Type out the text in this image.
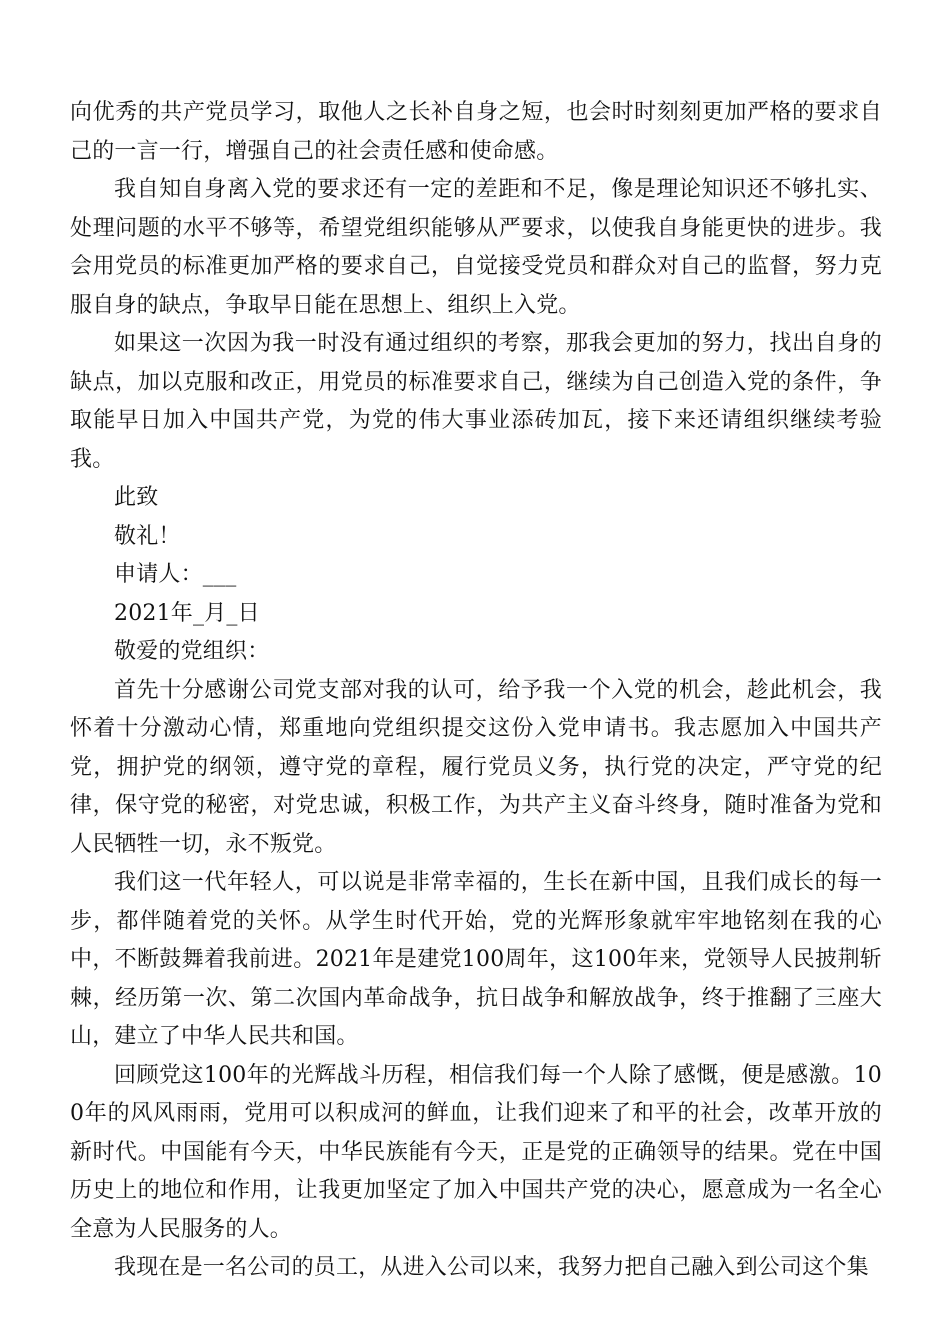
向优秀的共产党员学习，取他人之长补自身之短，也会时时刻刻更加严格的要求自己的一言一行，增强自己的社会责任感和使命感。

我自知自身离入党的要求还有一定的差距和不足，像是理论知识还不够扎实、处理问题的水平不够等，希望党组织能够从严要求，以使我自身能更快的进步。我会用党员的标准更加严格的要求自己，自觉接受党员和群众对自己的监督，努力克服自身的缺点，争取早日能在思想上、组织上入党。

如果这一次因为我一时没有通过组织的考察，那我会更加的努力，找出自身的缺点，加以克服和改正，用党员的标准要求自己，继续为自己创造入党的条件，争取能早日加入中国共产党，为党的伟大事业添砖加瓦，接下来还请组织继续考验我。

此致
敬礼！
申请人：___
2021年_月_日
敬爱的党组织：

首先十分感谢公司党支部对我的认可，给予我一个入党的机会，趁此机会，我怀着十分激动心情，郑重地向党组织提交这份入党申请书。我志愿加入中国共产党，拥护党的纲领，遵守党的章程，履行党员义务，执行党的决定，严守党的纪律，保守党的秘密，对党忠诚，积极工作，为共产主义奋斗终身，随时准备为党和人民牺牲一切，永不叛党。

我们这一代年轻人，可以说是非常幸福的，生长在新中国，且我们成长的每一步，都伴随着党的关怀。从学生时代开始，党的光辉形象就牢牢地铭刻在我的心中，不断鼓舞着我前进。2021年是建党100周年，这100年来，党领导人民披荆斩棘，经历第一次、第二次国内革命战争，抗日战争和解放战争，终于推翻了三座大山，建立了中华人民共和国。

回顾党这100年的光辉战斗历程，相信我们每一个人除了感慨，便是感激。100年的风风雨雨，党用可以积成河的鲜血，让我们迎来了和平的社会，改革开放的新时代。中国能有今天，中华民族能有今天，正是党的正确领导的结果。党在中国历史上的地位和作用，让我更加坚定了加入中国共产党的决心，愿意成为一名全心全意为人民服务的人。

我现在是一名公司的员工，从进入公司以来，我努力把自己融入到公司这个集
